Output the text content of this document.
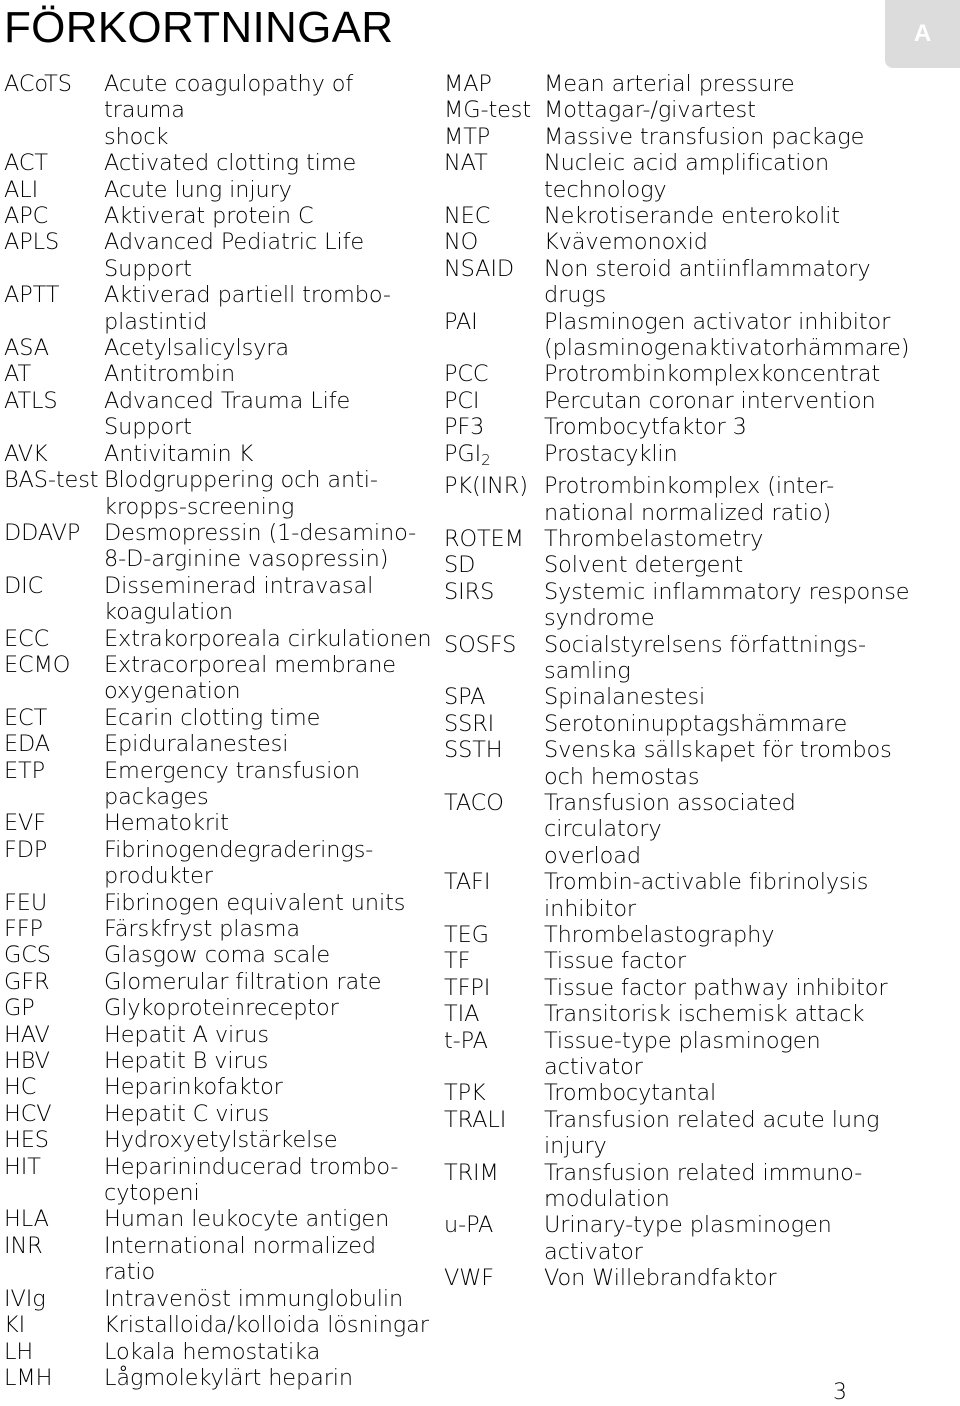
FÖRKORTNINGAR	A
ACoTS	Acute coagulopathy of trauma
shock
ACT	Activated clotting time
ALI	Acute lung injury
APC	Aktiverat protein C
APLS	Advanced Pediatric Life
Support
APTT	Aktiverad partiell trombo-
plastintid
ASA	Acetylsalicylsyra
AT	Antitrombin
ATLS	Advanced Trauma Life
Support
AVK	Antivitamin K
BAS-test Blodgruppering och anti-
kropps-screening
DDAVP	Desmopressin (1-desamino-
8-D-arginine vasopressin)
DIC	Disseminerad intravasal
koagulation
ECC	Extrakorporeala cirkulationen
ECMO	Extracorporeal membrane
oxygenation
ECT	Ecarin clotting time
EDA	Epiduralanestesi
ETP	Emergency transfusion
packages
EVF	Hematokrit
FDP	Fibrinogendegraderings-
produkter
FEU	Fibrinogen equivalent units
FFP	Färskfryst plasma
GCS	Glasgow coma scale
GFR	Glomerular filtration rate
GP	Glykoproteinreceptor
HAV	Hepatit A virus
HBV	Hepatit B virus
HC	Heparinkofaktor
HCV	Hepatit C virus
HES	Hydroxyetylstärkelse
HIT	Heparininducerad trombo-
cytopeni
HLA	Human leukocyte antigen
INR	International normalized ratio
IVIg	Intravenöst immunglobulin
KI	Kristalloida/kolloida lösningar
LH	Lokala hemostatika
LMH	Lågmolekylärt heparin
MAP	Mean arterial pressure
MG-test Mottagar-/givartest
MTP	Massive transfusion package
NAT	Nucleic acid amplification
technology
NEC	Nekrotiserande enterokolit
NO	Kvävemonoxid
NSAID	Non steroid antiinflammatory
drugs
PAI	Plasminogen activator inhibitor
(plasminogenaktivatorhämmare)
PCC	Protrombinkomplexkoncentrat
PCI	Percutan coronar intervention
PF3	Trombocytfaktor 3
$PGI_2$	Prostacyklin
PK(INR) Protrombinkomplex (inter-
national normalized ratio)
ROTEM Thrombelastometry
SD	Solvent detergent
SIRS	Systemic inflammatory response
syndrome
SOSFS	Socialstyrelsens författnings-
samling
SPA	Spinalanestesi
SSRI	Serotoninupptagshämmare
SSTH	Svenska sällskapet för trombos
och hemostas
TACO	Transfusion associated circulatory
overload
TAFI	Trombin-activable fibrinolysis
inhibitor
TEG	Thrombelastography
TF	Tissue factor
TFPI	Tissue factor pathway inhibitor
TIA	Transitorisk ischemisk attack
t-PA	Tissue-type plasminogen
activator
TPK	Trombocytantal
TRALI	Transfusion related acute lung
injury
TRIM	Transfusion related immuno-
modulation
u-PA	Urinary-type plasminogen
activator
VWF	Von Willebrandfaktor
3
